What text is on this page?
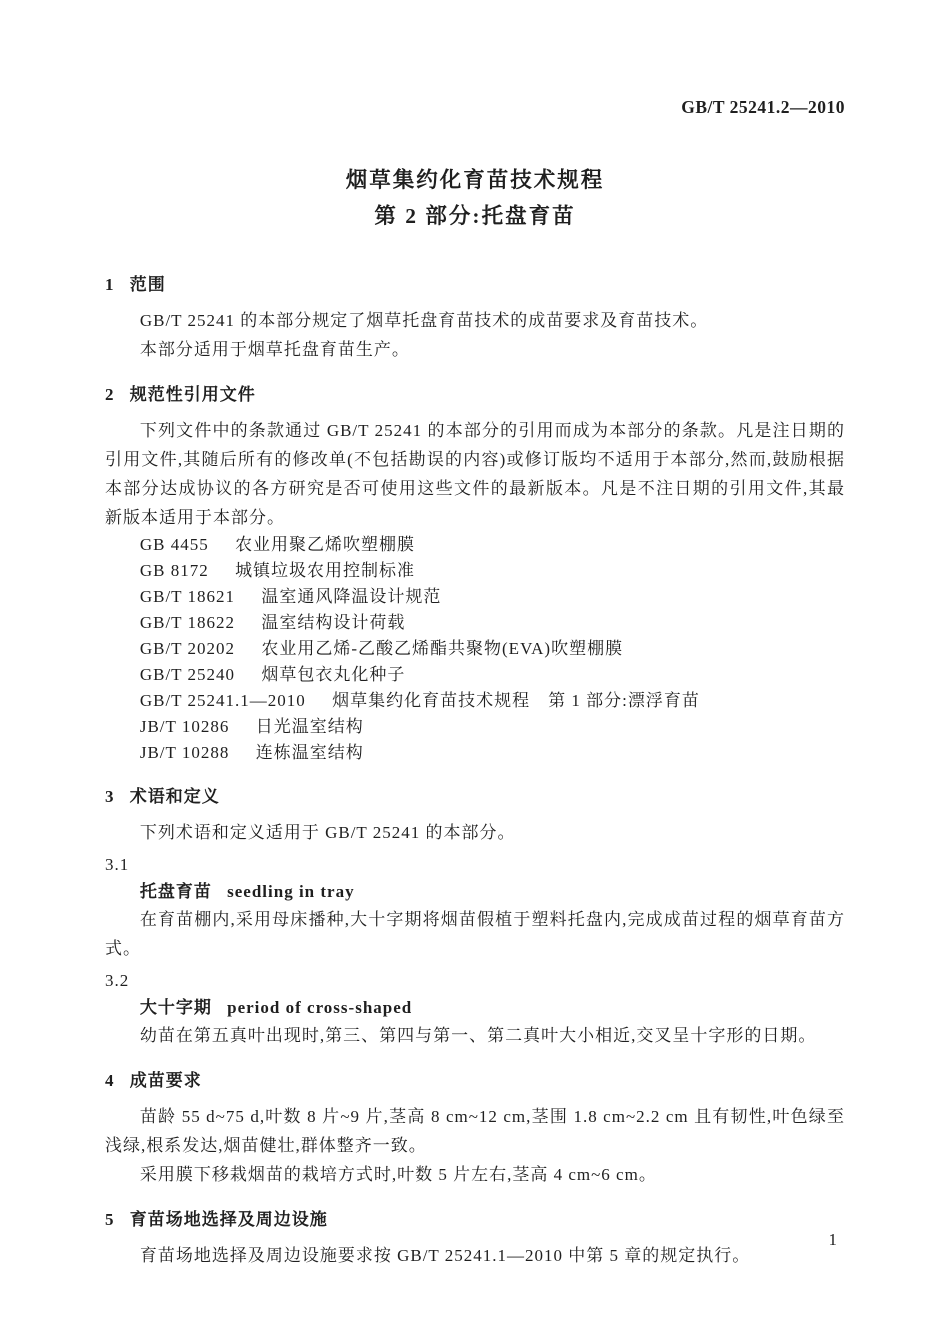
GB/T 25241.2—2010
烟草集约化育苗技术规程
第 2 部分:托盘育苗
1 范围

GB/T 25241 的本部分规定了烟草托盘育苗技术的成苗要求及育苗技术。

本部分适用于烟草托盘育苗生产。

2 规范性引用文件

下列文件中的条款通过 GB/T 25241 的本部分的引用而成为本部分的条款。凡是注日期的引用文件,其随后所有的修改单(不包括勘误的内容)或修订版均不适用于本部分,然而,鼓励根据本部分达成协议的各方研究是否可使用这些文件的最新版本。凡是不注日期的引用文件,其最新版本适用于本部分。

GB 4455 农业用聚乙烯吹塑棚膜
GB 8172 城镇垃圾农用控制标准
GB/T 18621 温室通风降温设计规范
GB/T 18622 温室结构设计荷载
GB/T 20202 农业用乙烯-乙酸乙烯酯共聚物(EVA)吹塑棚膜
GB/T 25240 烟草包衣丸化种子
GB/T 25241.1—2010 烟草集约化育苗技术规程　第 1 部分:漂浮育苗
JB/T 10286 日光温室结构
JB/T 10288 连栋温室结构
3 术语和定义

下列术语和定义适用于 GB/T 25241 的本部分。

3.1
托盘育苗 seedling in tray

在育苗棚内,采用母床播种,大十字期将烟苗假植于塑料托盘内,完成成苗过程的烟草育苗方式。

3.2
大十字期 period of cross-shaped

幼苗在第五真叶出现时,第三、第四与第一、第二真叶大小相近,交叉呈十字形的日期。

4 成苗要求

苗龄 55 d~75 d,叶数 8 片~9 片,茎高 8 cm~12 cm,茎围 1.8 cm~2.2 cm 且有韧性,叶色绿至浅绿,根系发达,烟苗健壮,群体整齐一致。

采用膜下移栽烟苗的栽培方式时,叶数 5 片左右,茎高 4 cm~6 cm。

5 育苗场地选择及周边设施

育苗场地选择及周边设施要求按 GB/T 25241.1—2010 中第 5 章的规定执行。

1
